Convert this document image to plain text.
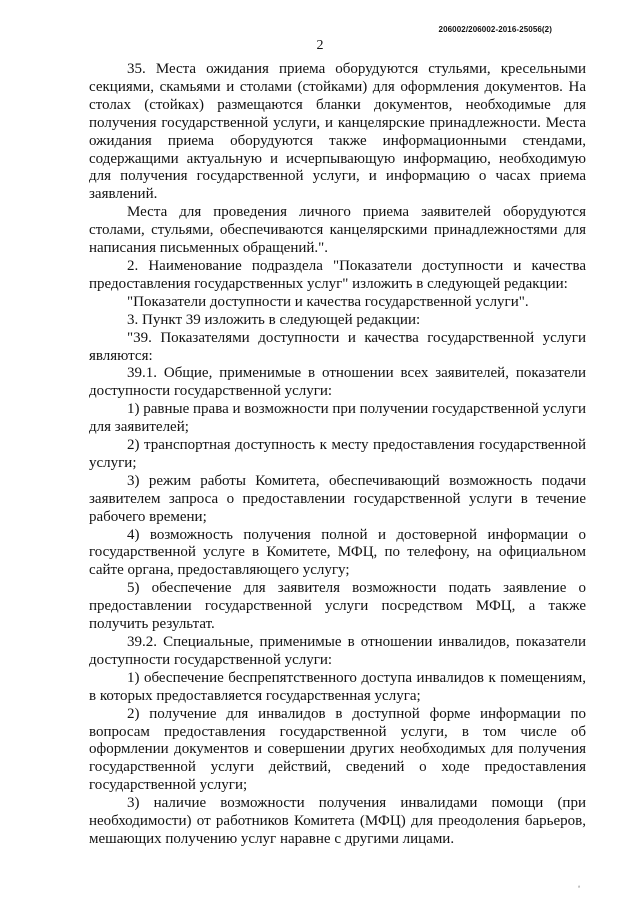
206002/206002-2016-25056(2)
2

35. Места ожидания приема оборудуются стульями, кресельными секциями, скамьями и столами (стойками) для оформления документов. На столах (стойках) размещаются бланки документов, необходимые для получения государственной услуги, и канцелярские принадлежности. Места ожидания приема оборудуются также информационными стендами, содержащими актуальную и исчерпывающую информацию, необходимую для получения государственной услуги, и информацию о часах приема заявлений.

Места для проведения личного приема заявителей оборудуются столами, стульями, обеспечиваются канцелярскими принадлежностями для написания письменных обращений.".

2. Наименование подраздела "Показатели доступности и качества предоставления государственных услуг" изложить в следующей редакции:

"Показатели доступности и качества государственной услуги".

3. Пункт 39 изложить в следующей редакции:

"39. Показателями доступности и качества государственной услуги являются:

39.1. Общие, применимые в отношении всех заявителей, показатели доступности государственной услуги:

1) равные права и возможности при получении государственной услуги для заявителей;

2) транспортная доступность к месту предоставления государственной услуги;

3) режим работы Комитета, обеспечивающий возможность подачи заявителем запроса о предоставлении государственной услуги в течение рабочего времени;

4) возможность получения полной и достоверной информации о государственной услуге в Комитете, МФЦ, по телефону, на официальном сайте органа, предоставляющего услугу;

5) обеспечение для заявителя возможности подать заявление о предоставлении государственной услуги посредством МФЦ, а также получить результат.

39.2. Специальные, применимые в отношении инвалидов, показатели доступности государственной услуги:

1) обеспечение беспрепятственного доступа инвалидов к помещениям, в которых предоставляется государственная услуга;

2) получение для инвалидов в доступной форме информации по вопросам предоставления государственной услуги, в том числе об оформлении документов и совершении других необходимых для получения государственной услуги действий, сведений о ходе предоставления государственной услуги;

3) наличие возможности получения инвалидами помощи (при необходимости) от работников Комитета (МФЦ) для преодоления барьеров, мешающих получению услуг наравне с другими лицами.

ₐ
